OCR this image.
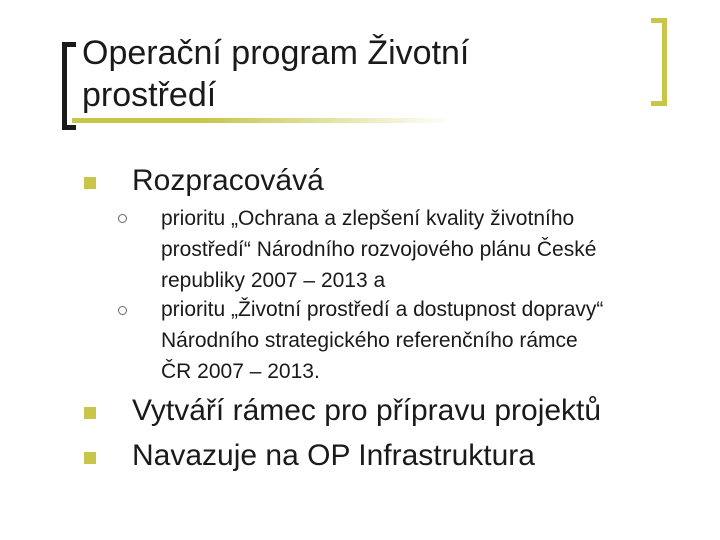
Operační program Životní
prostředí
Rozpracovává
prioritu „Ochrana a zlepšení kvality životního
prostředí“ Národního rozvojového plánu České
republiky 2007 – 2013 a
prioritu „Životní prostředí a dostupnost dopravy“
Národního strategického referenčního rámce
ČR 2007 – 2013.
Vytváří rámec pro přípravu projektů
Navazuje na OP Infrastruktura
